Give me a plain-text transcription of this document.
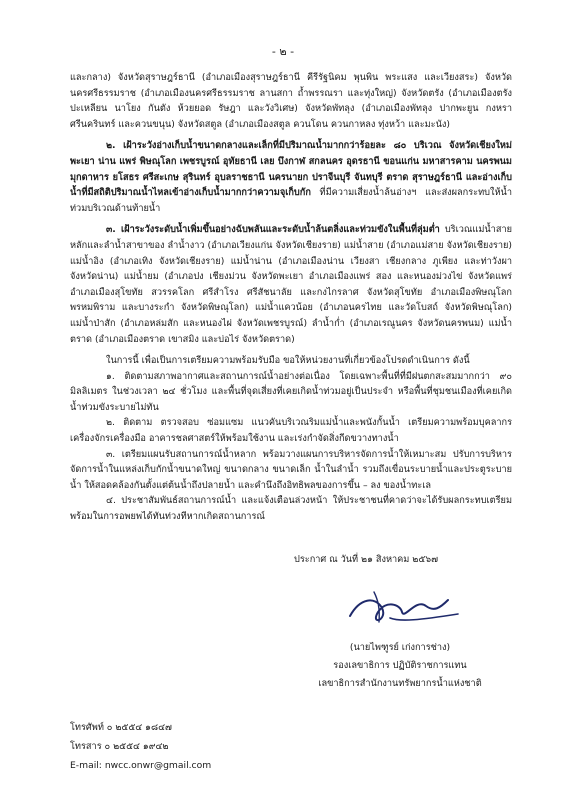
- ๒ -

และกลาง) จังหวัดสุราษฎร์ธานี (อำเภอเมืองสุราษฎร์ธานี คีรีรัฐนิคม พุนพิน พระแสง และเวียงสระ) จังหวัดนครศรีธรรมราช (อำเภอเมืองนครศรีธรรมราช ลานสกา ถ้ำพรรณรา และทุ่งใหญ่) จังหวัดตรัง (อำเภอเมืองตรัง ปะเหลียน นาโยง กันตัง ห้วยยอด รัษฎา และวังวิเศษ) จังหวัดพัทลุง (อำเภอเมืองพัทลุง ปากพะยูน กงหรา ศรีนครินทร์ และควนขนุน) จังหวัดสตูล (อำเภอเมืองสตูล ควนโดน ควนกาหลง ทุ่งหว้า และมะนัง)

๒. เฝ้าระวังอ่างเก็บน้ำขนาดกลางและเล็กที่มีปริมาณน้ำมากกว่าร้อยละ ๘๐ บริเวณ จังหวัดเชียงใหม่ พะเยา น่าน แพร่ พิษณุโลก เพชรบูรณ์ อุทัยธานี เลย บึงกาฬ สกลนคร อุดรธานี ขอนแก่น มหาสารคาม นครพนม มุกดาหาร ยโสธร ศรีสะเกษ สุรินทร์ อุบลราชธานี นครนายก ปราจีนบุรี จันทบุรี ตราด สุราษฎร์ธานี และอ่างเก็บน้ำที่มีสถิติปริมาณน้ำไหลเข้าอ่างเก็บน้ำมากกว่าความจุเก็บกัก ที่มีความเสี่ยงน้ำล้นอ่างฯ และส่งผลกระทบให้น้ำท่วมบริเวณด้านท้ายน้ำ

๓. เฝ้าระวังระดับน้ำเพิ่มขึ้นอย่างฉับพลันและระดับน้ำล้นตลิ่งและท่วมขังในพื้นที่ลุ่มต่ำ บริเวณแม่น้ำสายหลักและลำน้ำสาขาของ ลำน้ำงาว (อำเภอเวียงแก่น จังหวัดเชียงราย) แม่น้ำสาย (อำเภอแม่สาย จังหวัดเชียงราย) แม่น้ำอิง (อำเภอเทิง จังหวัดเชียงราย) แม่น้ำน่าน (อำเภอเมืองน่าน เวียงสา เชียงกลาง ภูเพียง และท่าวังผา จังหวัดน่าน) แม่น้ำยม (อำเภอปง เชียงม่วน จังหวัดพะเยา อำเภอเมืองแพร่ สอง และหนองม่วงไข่ จังหวัดแพร่ อำเภอเมืองสุโขทัย สวรรคโลก ศรีสำโรง ศรีสัชนาลัย และกงไกรลาศ จังหวัดสุโขทัย อำเภอเมืองพิษณุโลก พรหมพิราม และบางระกำ จังหวัดพิษณุโลก) แม่น้ำแควน้อย (อำเภอนครไทย และวัดโบสถ์ จังหวัดพิษณุโลก) แม่น้ำป่าสัก (อำเภอหล่มสัก และหนองไผ่ จังหวัดเพชรบูรณ์) ลำน้ำก่ำ (อำเภอเรณูนคร จังหวัดนครพนม) แม่น้ำตราด (อำเภอเมืองตราด เขาสมิง และบ่อไร่ จังหวัดตราด)

ในการนี้ เพื่อเป็นการเตรียมความพร้อมรับมือ ขอให้หน่วยงานที่เกี่ยวข้องโปรดดำเนินการ ดังนี้

๑. ติดตามสภาพอากาศและสถานการณ์น้ำอย่างต่อเนื่อง โดยเฉพาะพื้นที่ที่มีฝนตกสะสมมากกว่า ๙๐ มิลลิเมตร ในช่วงเวลา ๒๔ ชั่วโมง และพื้นที่จุดเสี่ยงที่เคยเกิดน้ำท่วมอยู่เป็นประจำ หรือพื้นที่ชุมชนเมืองที่เคยเกิดน้ำท่วมขังระบายไม่ทัน

๒. ติดตาม ตรวจสอบ ซ่อมแซม แนวคันบริเวณริมแม่น้ำและพนังกั้นน้ำ เตรียมความพร้อมบุคลากร เครื่องจักรเครื่องมือ อาคารชลศาสตร์ให้พร้อมใช้งาน และเร่งกำจัดสิ่งกีดขวางทางน้ำ

๓. เตรียมแผนรับสถานการณ์น้ำหลาก พร้อมวางแผนการบริหารจัดการน้ำให้เหมาะสม ปรับการบริหารจัดการน้ำในแหล่งเก็บกักน้ำขนาดใหญ่ ขนาดกลาง ขนาดเล็ก น้ำในลำน้ำ รวมถึงเขื่อนระบายน้ำและประตูระบายน้ำ ให้สอดคล้องกันตั้งแต่ต้นน้ำถึงปลายน้ำ และคำนึงถึงอิทธิพลของการขึ้น – ลง ของน้ำทะเล

๔. ประชาสัมพันธ์สถานการณ์น้ำ และแจ้งเตือนล่วงหน้า ให้ประชาชนที่คาดว่าจะได้รับผลกระทบเตรียมพร้อมในการอพยพได้ทันท่วงทีหากเกิดสถานการณ์

ประกาศ ณ วันที่ ๒๑ สิงหาคม ๒๕๖๗
(นายไพฑูรย์ เก่งการช่าง)
รองเลขาธิการ ปฏิบัติราชการแทน
เลขาธิการสำนักงานทรัพยากรน้ำแห่งชาติ
โทรศัพท์ ๐ ๒๕๕๔ ๑๘๔๗
โทรสาร ๐ ๒๕๕๔ ๑๙๔๒
E-mail: nwcc.onwr@gmail.com
